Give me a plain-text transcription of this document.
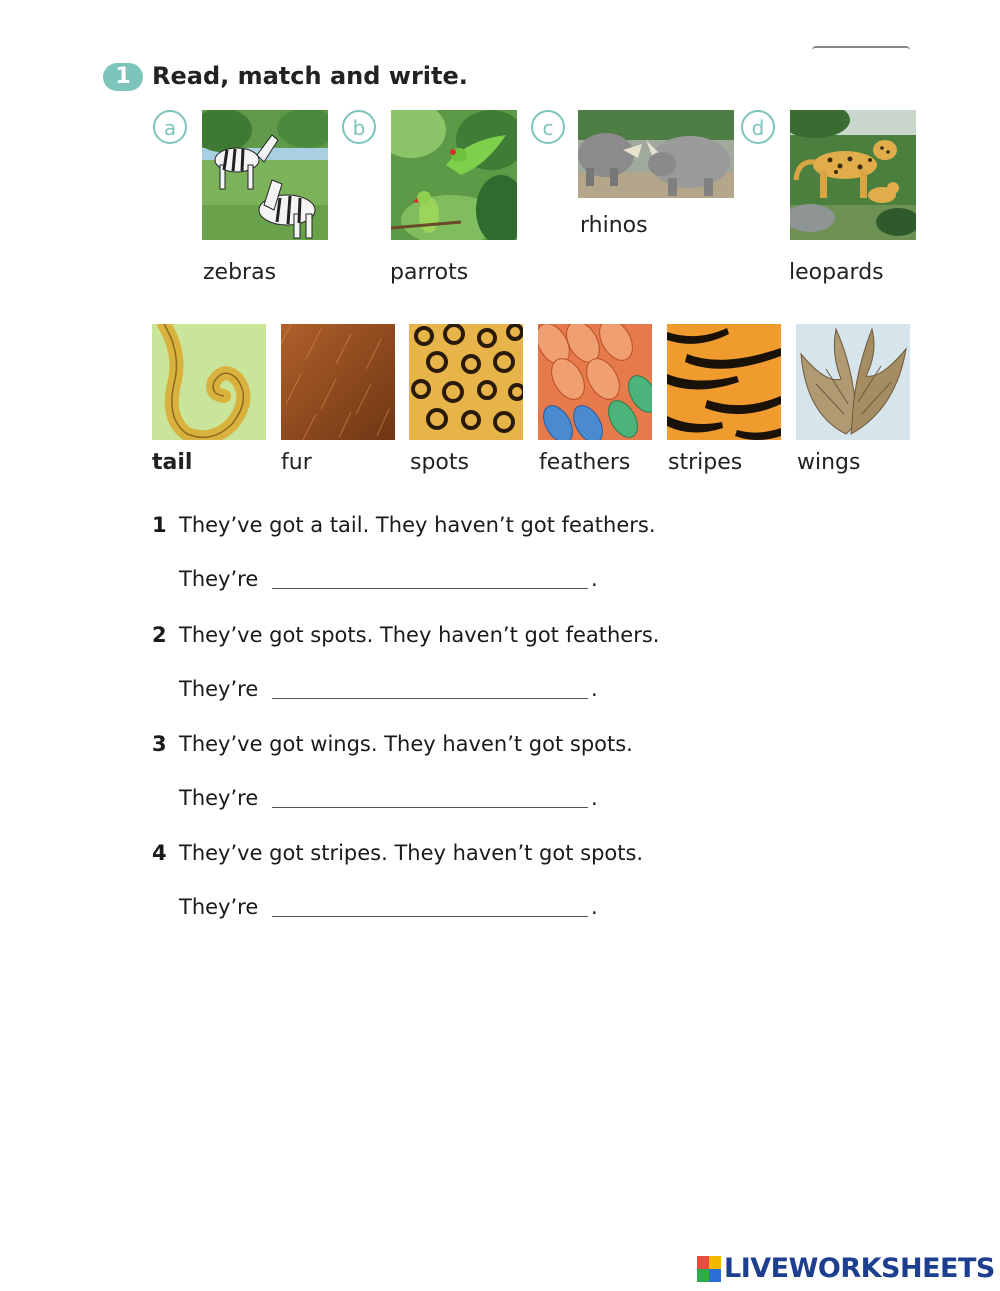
1 Read, match and write.
a
zebras
b
parrots
c
rhinos
d
leopards
tail	fur	spots	feathers stripes wings
1 They’ve got a tail. They haven’t got feathers.
They’re	.
2 They’ve got spots. They haven’t got feathers.
They’re	.
3 They’ve got wings. They haven’t got spots.
They’re	.
4 They’ve got stripes. They haven’t got spots.
They’re	.
LIVEWORKSHEETS
